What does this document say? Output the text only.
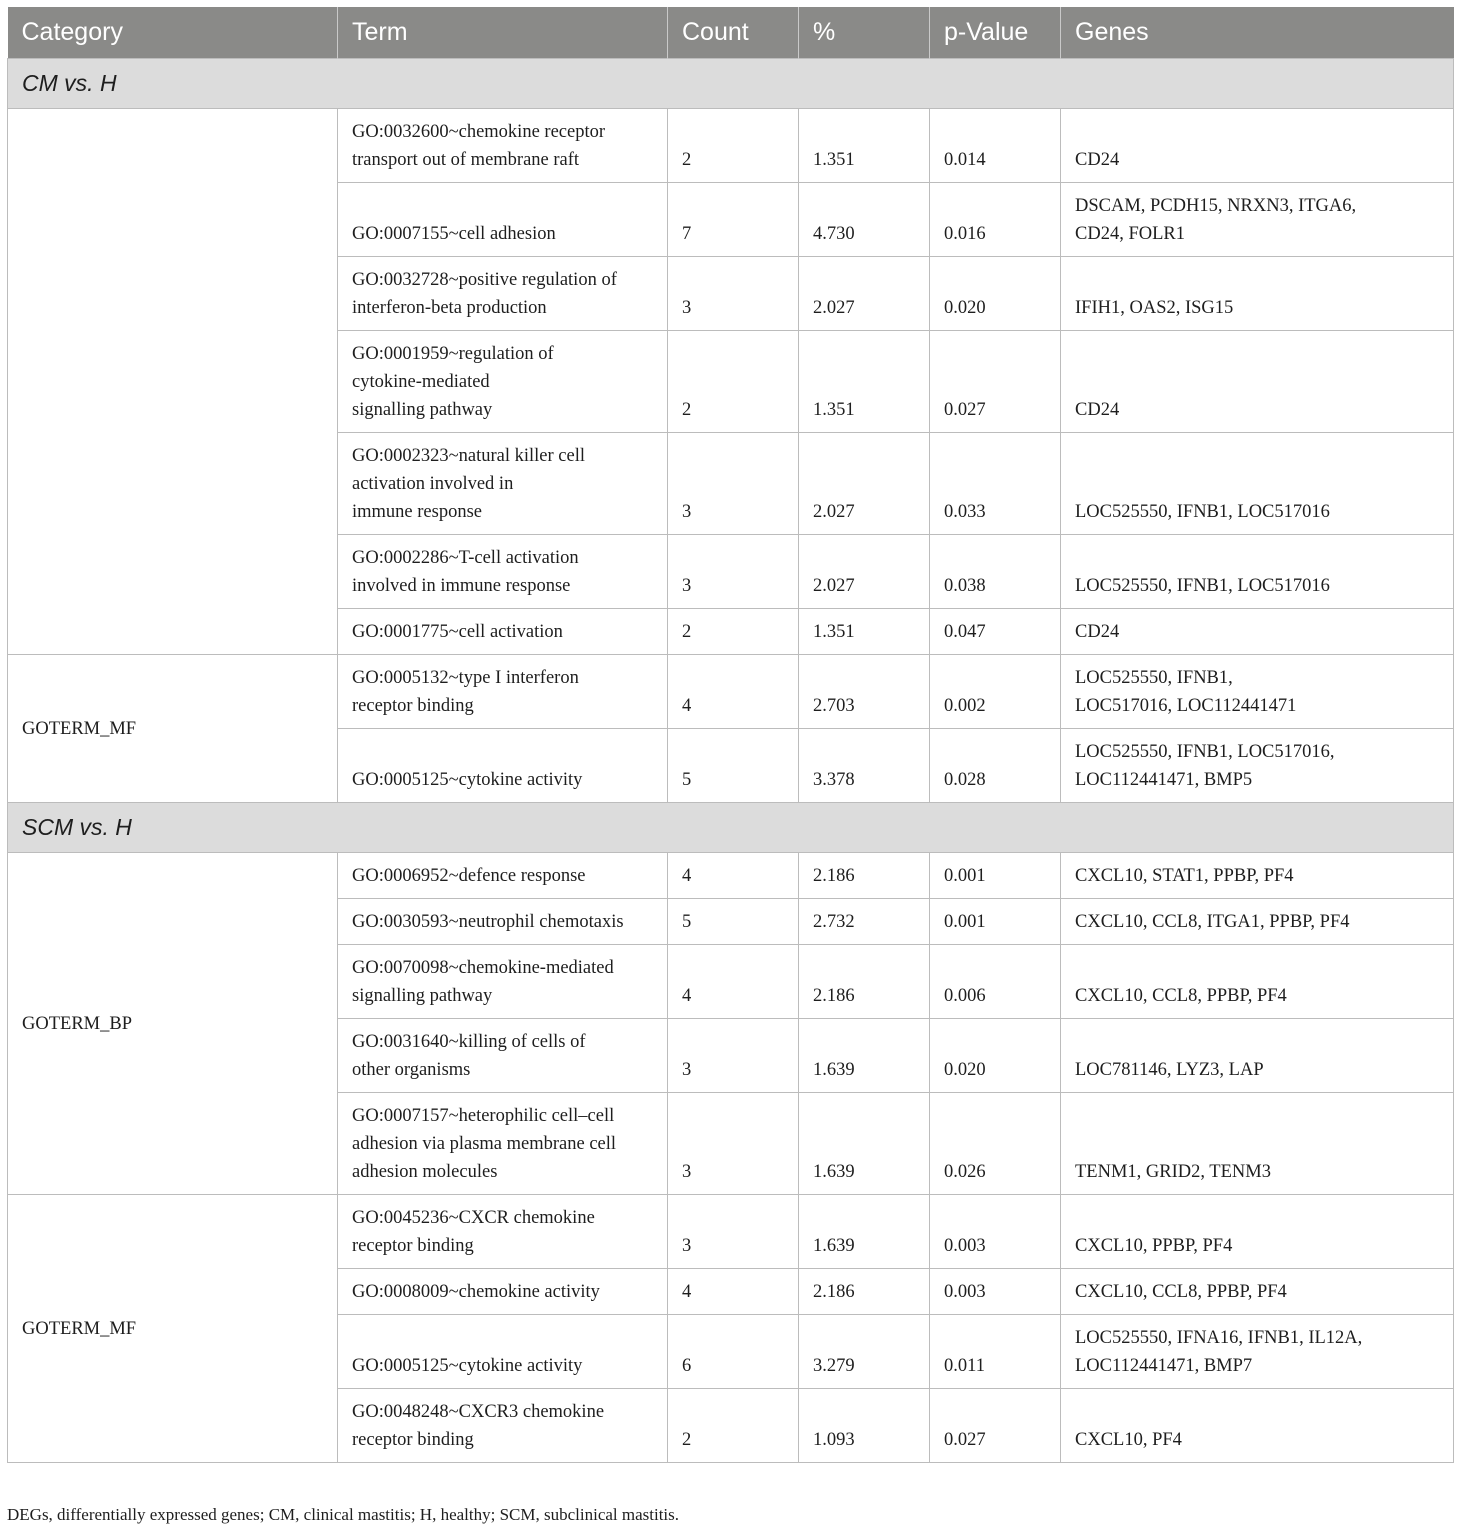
Category	Term	Count	%	p-Value	Genes
CM vs. H					
	GO:0032600~chemokine receptor
transport out of membrane raft	2	1.351	0.014	CD24
	GO:0007155~cell adhesion	7	4.730	0.016	DSCAM, PCDH15, NRXN3, ITGA6,
CD24, FOLR1
	GO:0032728~positive regulation of
interferon-beta production	3	2.027	0.020	IFIH1, OAS2, ISG15
	GO:0001959~regulation of
cytokine-mediated
signalling pathway	2	1.351	0.027	CD24
	GO:0002323~natural killer cell
activation involved in
immune response	3	2.027	0.033	LOC525550, IFNB1, LOC517016
	GO:0002286~T-cell activation
involved in immune response	3	2.027	0.038	LOC525550, IFNB1, LOC517016
	GO:0001775~cell activation	2	1.351	0.047	CD24
GOTERM_MF	GO:0005132~type I interferon
receptor binding	4	2.703	0.002	LOC525550, IFNB1,
LOC517016, LOC112441471
	GO:0005125~cytokine activity	5	3.378	0.028	LOC525550, IFNB1, LOC517016,
LOC112441471, BMP5
SCM vs. H					
GOTERM_BP	GO:0006952~defence response	4	2.186	0.001	CXCL10, STAT1, PPBP, PF4
	GO:0030593~neutrophil chemotaxis	5	2.732	0.001	CXCL10, CCL8, ITGA1, PPBP, PF4
	GO:0070098~chemokine-mediated
signalling pathway	4	2.186	0.006	CXCL10, CCL8, PPBP, PF4
	GO:0031640~killing of cells of
other organisms	3	1.639	0.020	LOC781146, LYZ3, LAP
	GO:0007157~heterophilic cell–cell
adhesion via plasma membrane cell
adhesion molecules	3	1.639	0.026	TENM1, GRID2, TENM3
GOTERM_MF	GO:0045236~CXCR chemokine
receptor binding	3	1.639	0.003	CXCL10, PPBP, PF4
	GO:0008009~chemokine activity	4	2.186	0.003	CXCL10, CCL8, PPBP, PF4
	GO:0005125~cytokine activity	6	3.279	0.011	LOC525550, IFNA16, IFNB1, IL12A,
LOC112441471, BMP7
	GO:0048248~CXCR3 chemokine
receptor binding	2	1.093	0.027	CXCL10, PF4
DEGs, differentially expressed genes; CM, clinical mastitis; H, healthy; SCM, subclinical mastitis.
